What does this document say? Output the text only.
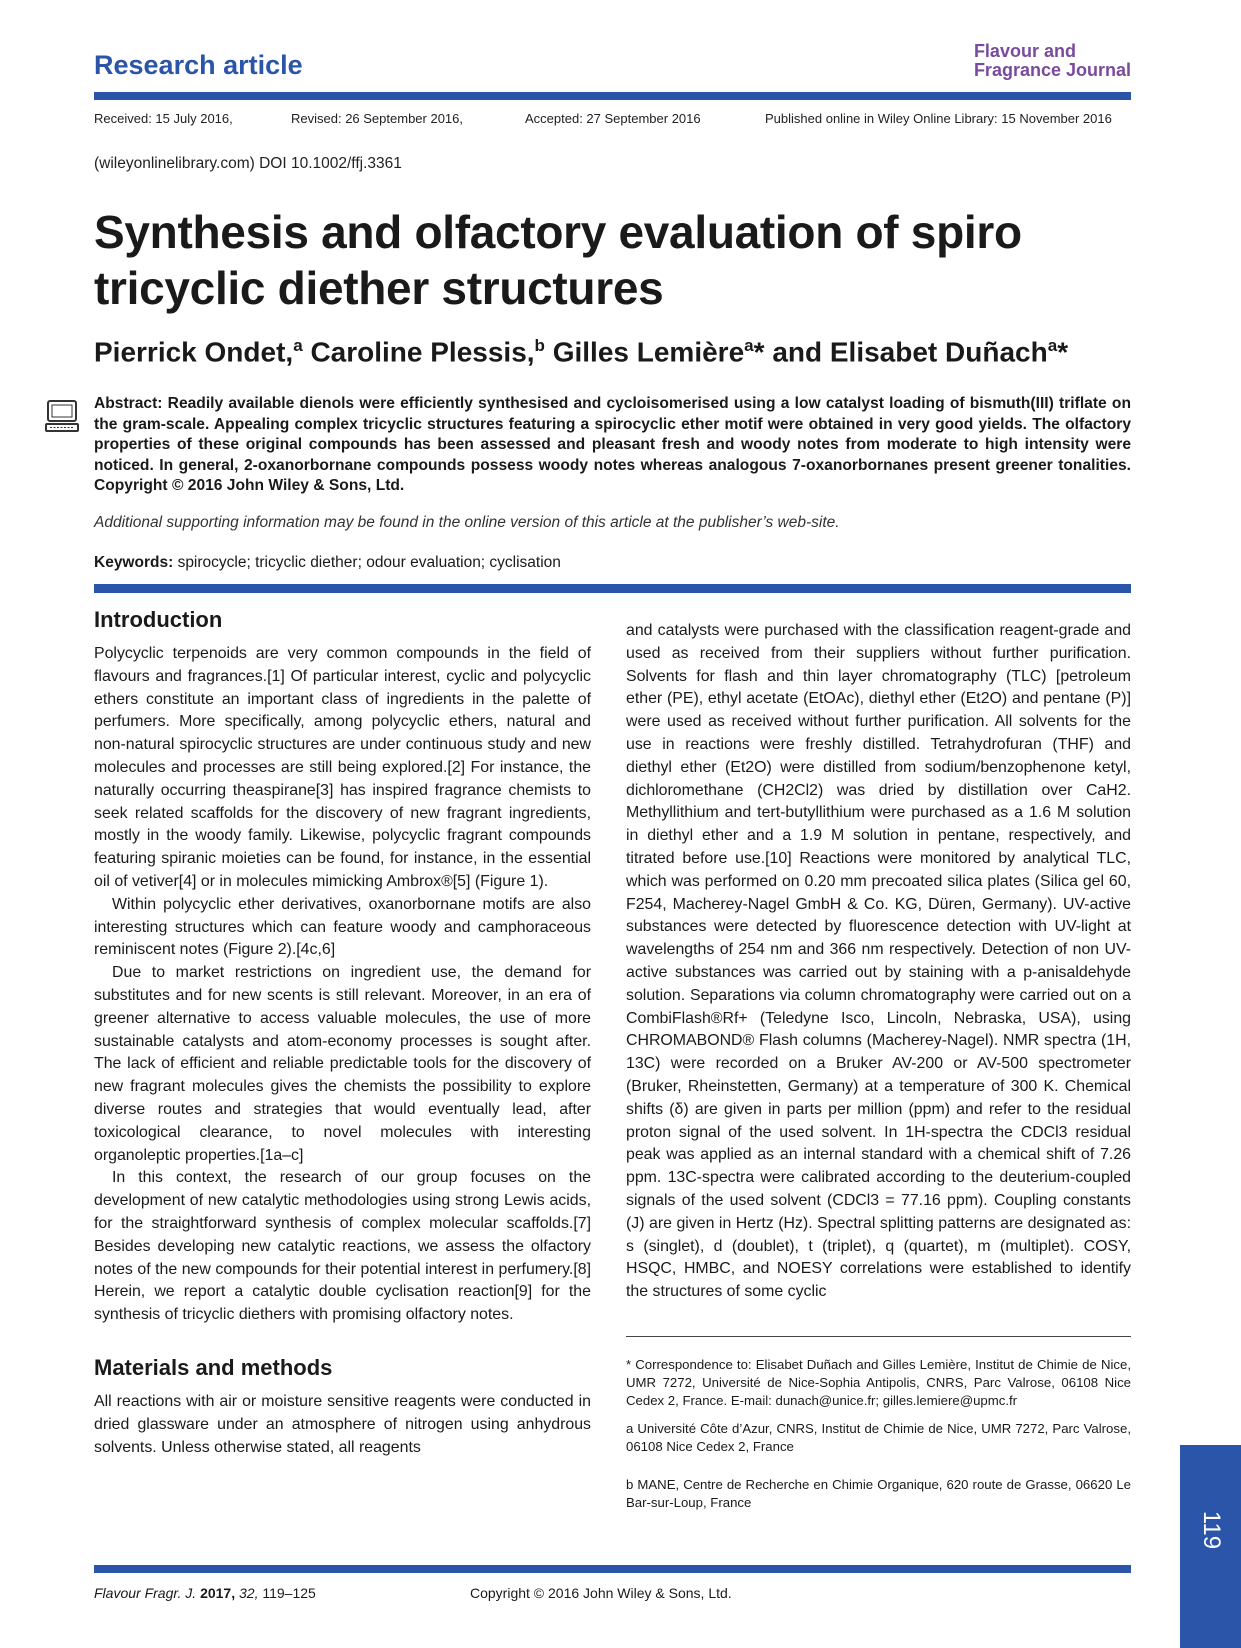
Research article	Flavour and
Fragrance Journal
Received: 15 July 2016,	Revised: 26 September 2016,	Accepted: 27 September 2016	Published online in Wiley Online Library: 15 November 2016
(wileyonlinelibrary.com) DOI 10.1002/ffj.3361
Synthesis and olfactory evaluation of spiro
tricyclic diether structures
Pierrick Ondet,$^a$ Caroline Plessis,$^b$ Gilles Lemière$^a$* and Elisabet Duñach$^a$*
Abstract: Readily available dienols were efficiently synthesised and cycloisomerised using a low catalyst loading of bismuth(III) triflate on the gram-scale. Appealing complex tricyclic structures featuring a spirocyclic ether motif were obtained in very good yields. The olfactory properties of these original compounds has been assessed and pleasant fresh and woody notes from moderate to high intensity were noticed. In general, 2-oxanorbornane compounds possess woody notes whereas analogous 7-oxanorbornanes present greener tonalities. Copyright © 2016 John Wiley & Sons, Ltd.
Additional supporting information may be found in the online version of this article at the publisher’s web-site.
Keywords: spirocycle; tricyclic diether; odour evaluation; cyclisation
Introduction

Polycyclic terpenoids are very common compounds in the field of flavours and fragrances.[1] Of particular interest, cyclic and polycyclic ethers constitute an important class of ingredients in the palette of perfumers. More specifically, among polycyclic ethers, natural and non-natural spirocyclic structures are under continuous study and new molecules and processes are still being explored.[2] For instance, the naturally occurring theaspirane[3] has inspired fragrance chemists to seek related scaffolds for the discovery of new fragrant ingredients, mostly in the woody family. Likewise, polycyclic fragrant compounds featuring spiranic moieties can be found, for instance, in the essential oil of vetiver[4] or in molecules mimicking Ambrox®[5] (Figure 1).

Within polycyclic ether derivatives, oxanorbornane motifs are also interesting structures which can feature woody and camphoraceous reminiscent notes (Figure 2).[4c,6]

Due to market restrictions on ingredient use, the demand for substitutes and for new scents is still relevant. Moreover, in an era of greener alternative to access valuable molecules, the use of more sustainable catalysts and atom-economy processes is sought after. The lack of efficient and reliable predictable tools for the discovery of new fragrant molecules gives the chemists the possibility to explore diverse routes and strategies that would eventually lead, after toxicological clearance, to novel molecules with interesting organoleptic properties.[1a–c]

In this context, the research of our group focuses on the development of new catalytic methodologies using strong Lewis acids, for the straightforward synthesis of complex molecular scaffolds.[7] Besides developing new catalytic reactions, we assess the olfactory notes of the new compounds for their potential interest in perfumery.[8] Herein, we report a catalytic double cyclisation reaction[9] for the synthesis of tricyclic diethers with promising olfactory notes.

Materials and methods

All reactions with air or moisture sensitive reagents were conducted in dried glassware under an atmosphere of nitrogen using anhydrous solvents. Unless otherwise stated, all reagents

and catalysts were purchased with the classification reagent-grade and used as received from their suppliers without further purification. Solvents for flash and thin layer chromatography (TLC) [petroleum ether (PE), ethyl acetate (EtOAc), diethyl ether (Et2O) and pentane (P)] were used as received without further purification. All solvents for the use in reactions were freshly distilled. Tetrahydrofuran (THF) and diethyl ether (Et2O) were distilled from sodium/benzophenone ketyl, dichloromethane (CH2Cl2) was dried by distillation over CaH2. Methyllithium and tert-butyllithium were purchased as a 1.6 M solution in diethyl ether and a 1.9 M solution in pentane, respectively, and titrated before use.[10] Reactions were monitored by analytical TLC, which was performed on 0.20 mm precoated silica plates (Silica gel 60, F254, Macherey-Nagel GmbH & Co. KG, Düren, Germany). UV-active substances were detected by fluorescence detection with UV-light at wavelengths of 254 nm and 366 nm respectively. Detection of non UV-active substances was carried out by staining with a p-anisaldehyde solution. Separations via column chromatography were carried out on a CombiFlash®Rf+ (Teledyne Isco, Lincoln, Nebraska, USA), using CHROMABOND® Flash columns (Macherey-Nagel). NMR spectra (1H, 13C) were recorded on a Bruker AV-200 or AV-500 spectrometer (Bruker, Rheinstetten, Germany) at a temperature of 300 K. Chemical shifts (δ) are given in parts per million (ppm) and refer to the residual proton signal of the used solvent. In 1H-spectra the CDCl3 residual peak was applied as an internal standard with a chemical shift of 7.26 ppm. 13C-spectra were calibrated according to the deuterium-coupled signals of the used solvent (CDCl3 = 77.16 ppm). Coupling constants (J) are given in Hertz (Hz). Spectral splitting patterns are designated as: s (singlet), d (doublet), t (triplet), q (quartet), m (multiplet). COSY, HSQC, HMBC, and NOESY correlations were established to identify the structures of some cyclic

* Correspondence to: Elisabet Duñach and Gilles Lemière, Institut de Chimie de Nice, UMR 7272, Université de Nice-Sophia Antipolis, CNRS, Parc Valrose, 06108 Nice Cedex 2, France. E-mail: dunach@unice.fr; gilles.lemiere@upmc.fr
a Université Côte d’Azur, CNRS, Institut de Chimie de Nice, UMR 7272, Parc Valrose, 06108 Nice Cedex 2, France
b MANE, Centre de Recherche en Chimie Organique, 620 route de Grasse, 06620 Le Bar-sur-Loup, France
Flavour Fragr. J. 2017, 32, 119–125	Copyright © 2016 John Wiley & Sons, Ltd.
119
